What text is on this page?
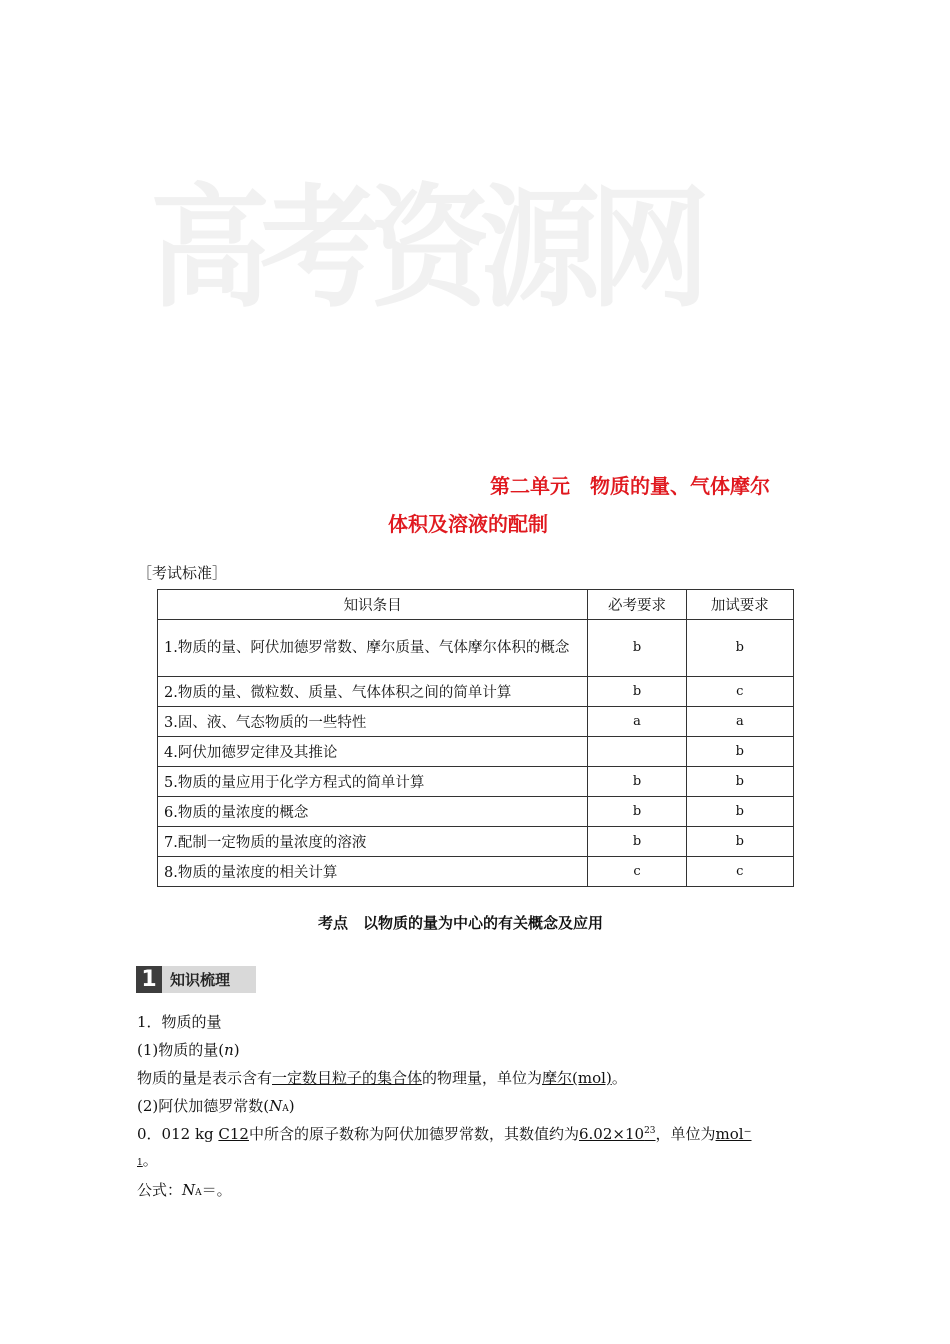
高考资源网
第二单元　物质的量、气体摩尔
体积及溶液的配制
［考试标准］
知识条目	必考要求	加试要求
1.物质的量、阿伏加德罗常数、摩尔质量、气体摩尔体积的概念	b	b
2.物质的量、微粒数、质量、气体体积之间的简单计算	b	c
3.固、液、气态物质的一些特性	a	a
4.阿伏加德罗定律及其推论		b
5.物质的量应用于化学方程式的简单计算	b	b
6.物质的量浓度的概念	b	b
7.配制一定物质的量浓度的溶液	b	b
8.物质的量浓度的相关计算	c	c
考点　以物质的量为中心的有关概念及应用
1 知识梳理
1．物质的量
(1)物质的量(n)
物质的量是表示含有一定数目粒子的集合体的物理量，单位为摩尔(mol)。
(2)阿伏加德罗常数(NA)
0．012 kg C12中所含的原子数称为阿伏加德罗常数，其数值约为$6.02\times 10^{23}$，单位为mol⁻
1。
公式：NA＝。
